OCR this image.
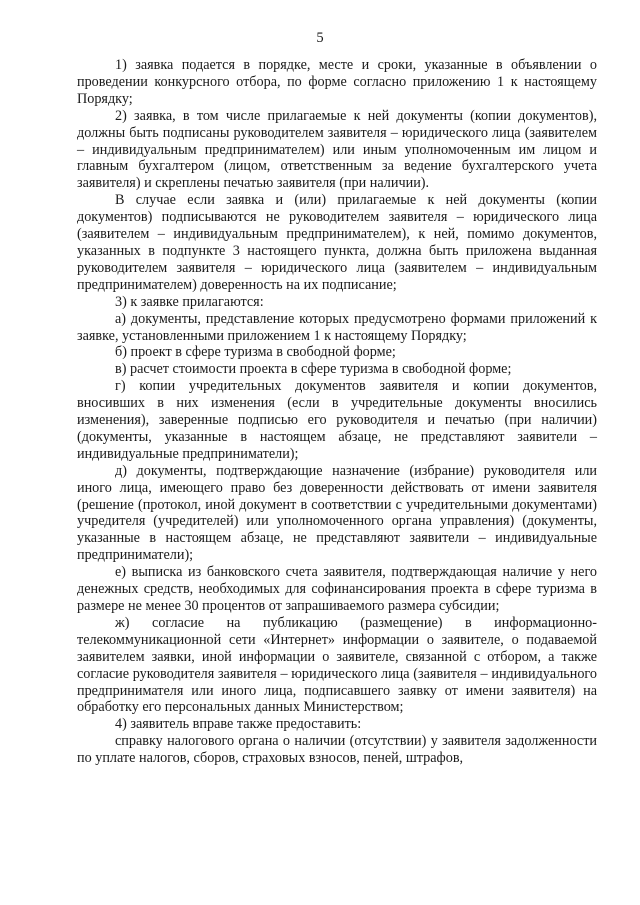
5

1) заявка подается в порядке, месте и сроки, указанные в объявлении о проведении конкурсного отбора, по форме согласно приложению 1 к настоящему Порядку;

2) заявка, в том числе прилагаемые к ней документы (копии документов), должны быть подписаны руководителем заявителя – юридического лица (заявителем – индивидуальным предпринимателем) или иным уполномоченным им лицом и главным бухгалтером (лицом, ответственным за ведение бухгалтерского учета заявителя) и скреплены печатью заявителя (при наличии).

В случае если заявка и (или) прилагаемые к ней документы (копии документов) подписываются не руководителем заявителя – юридического лица (заявителем – индивидуальным предпринимателем), к ней, помимо документов, указанных в подпункте 3 настоящего пункта, должна быть приложена выданная руководителем заявителя – юридического лица (заявителем – индивидуальным предпринимателем) доверенность на их подписание;

3) к заявке прилагаются:

а) документы, представление которых предусмотрено формами приложений к заявке, установленными приложением 1 к настоящему Порядку;

б) проект в сфере туризма в свободной форме;

в) расчет стоимости проекта в сфере туризма в свободной форме;

г) копии учредительных документов заявителя и копии документов, вносивших в них изменения (если в учредительные документы вносились изменения), заверенные подписью его руководителя и печатью (при наличии) (документы, указанные в настоящем абзаце, не представляют заявители – индивидуальные предприниматели);

д) документы, подтверждающие назначение (избрание) руководителя или иного лица, имеющего право без доверенности действовать от имени заявителя (решение (протокол, иной документ в соответствии с учредительными документами) учредителя (учредителей) или уполномоченного органа управления) (документы, указанные в настоящем абзаце, не представляют заявители – индивидуальные предприниматели);

е) выписка из банковского счета заявителя, подтверждающая наличие у него денежных средств, необходимых для софинансирования проекта в сфере туризма в размере не менее 30 процентов от запрашиваемого размера субсидии;

ж) согласие на публикацию (размещение) в информационно-телекоммуникационной сети «Интернет» информации о заявителе, о подаваемой заявителем заявки, иной информации о заявителе, связанной с отбором, а также согласие руководителя заявителя – юридического лица (заявителя – индивидуального предпринимателя или иного лица, подписавшего заявку от имени заявителя) на обработку его персональных данных Министерством;

4) заявитель вправе также предоставить:

справку налогового органа о наличии (отсутствии) у заявителя задолженности по уплате налогов, сборов, страховых взносов, пеней, штрафов,
